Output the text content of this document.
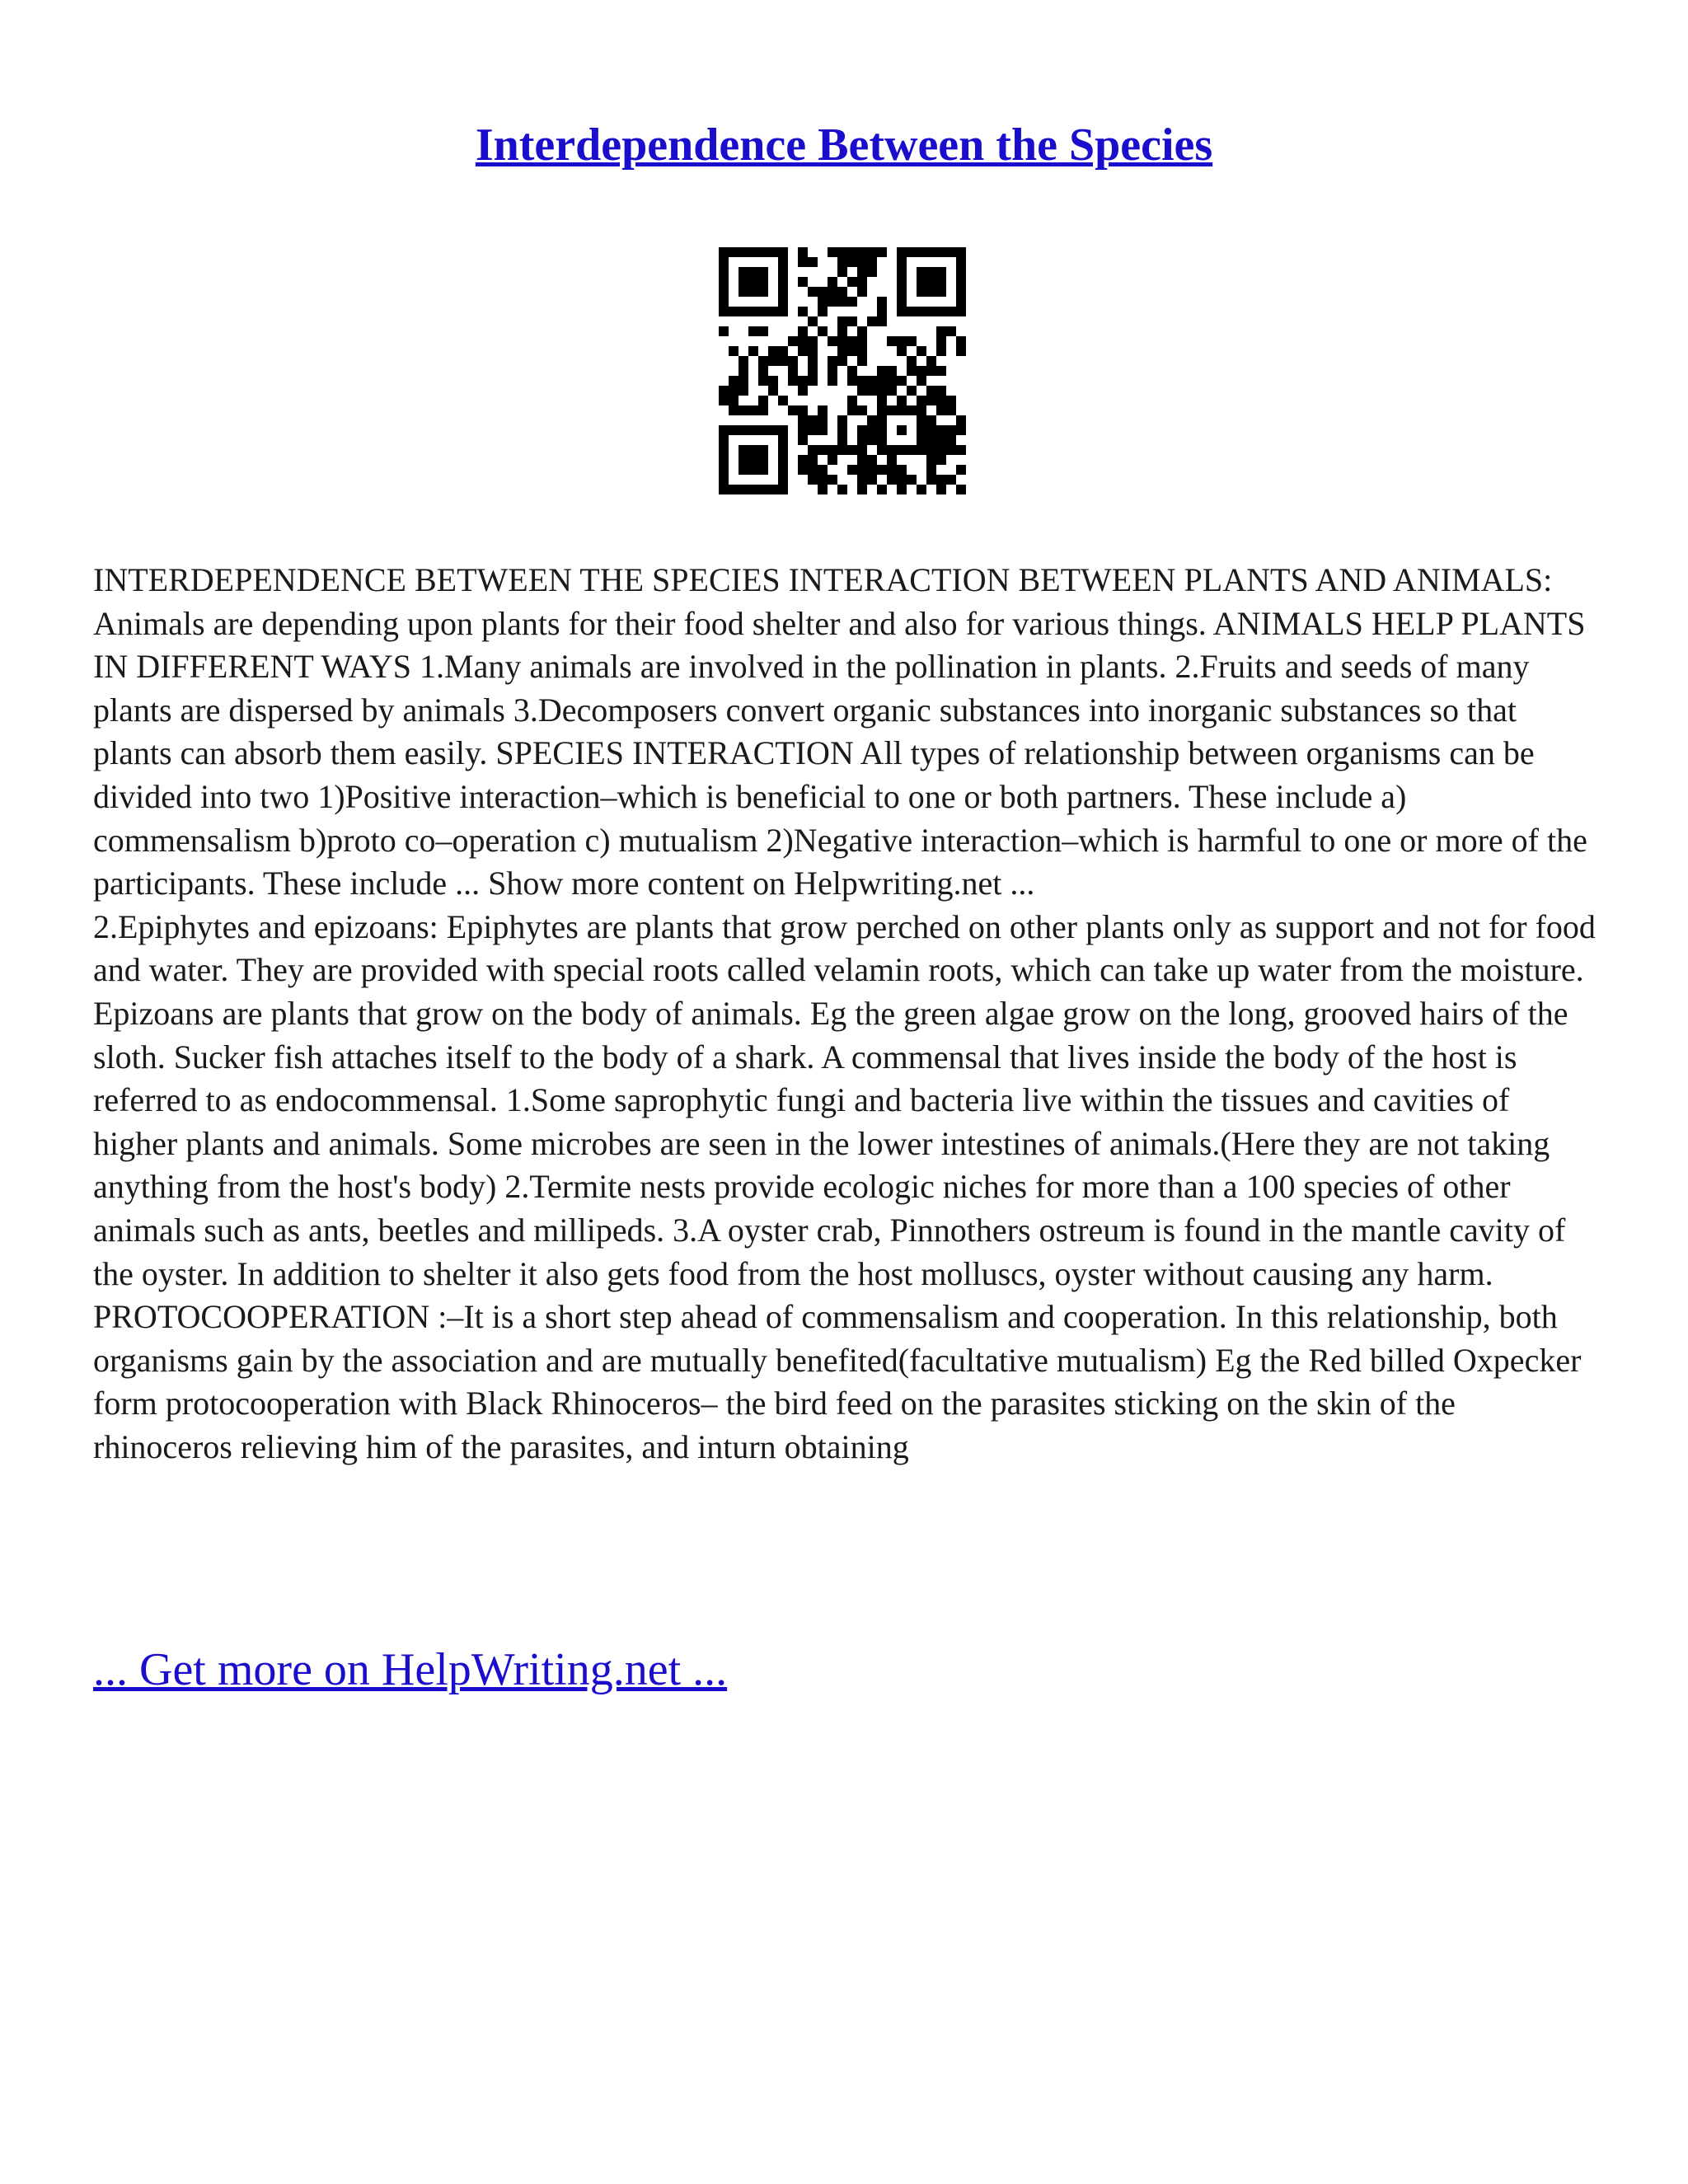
Interdependence Between the Species

INTERDEPENDENCE BETWEEN THE SPECIES INTERACTION BETWEEN PLANTS AND ANIMALS: Animals are depending upon plants for their food shelter and also for various things. ANIMALS HELP PLANTS IN DIFFERENT WAYS 1.Many animals are involved in the pollination in plants. 2.Fruits and seeds of many plants are dispersed by animals 3.Decomposers convert organic substances into inorganic substances so that plants can absorb them easily. SPECIES INTERACTION All types of relationship between organisms can be divided into two 1)Positive interaction–which is beneficial to one or both partners. These include a) commensalism b)proto co–operation c) mutualism 2)Negative interaction–which is harmful to one or more of the participants. These include ... Show more content on Helpwriting.net ...

2.Epiphytes and epizoans: Epiphytes are plants that grow perched on other plants only as support and not for food and water. They are provided with special roots called velamin roots, which can take up water from the moisture. Epizoans are plants that grow on the body of animals. Eg the green algae grow on the long, grooved hairs of the sloth. Sucker fish attaches itself to the body of a shark. A commensal that lives inside the body of the host is referred to as endocommensal. 1.Some saprophytic fungi and bacteria live within the tissues and cavities of higher plants and animals. Some microbes are seen in the lower intestines of animals.(Here they are not taking anything from the host's body) 2.Termite nests provide ecologic niches for more than a 100 species of other animals such as ants, beetles and millipeds. 3.A oyster crab, Pinnothers ostreum is found in the mantle cavity of the oyster. In addition to shelter it also gets food from the host molluscs, oyster without causing any harm. PROTOCOOPERATION :–It is a short step ahead of commensalism and cooperation. In this relationship, both organisms gain by the association and are mutually benefited(facultative mutualism) Eg the Red billed Oxpecker form protocooperation with Black Rhinoceros– the bird feed on the parasites sticking on the skin of the rhinoceros relieving him of the parasites, and inturn obtaining

... Get more on HelpWriting.net ...
